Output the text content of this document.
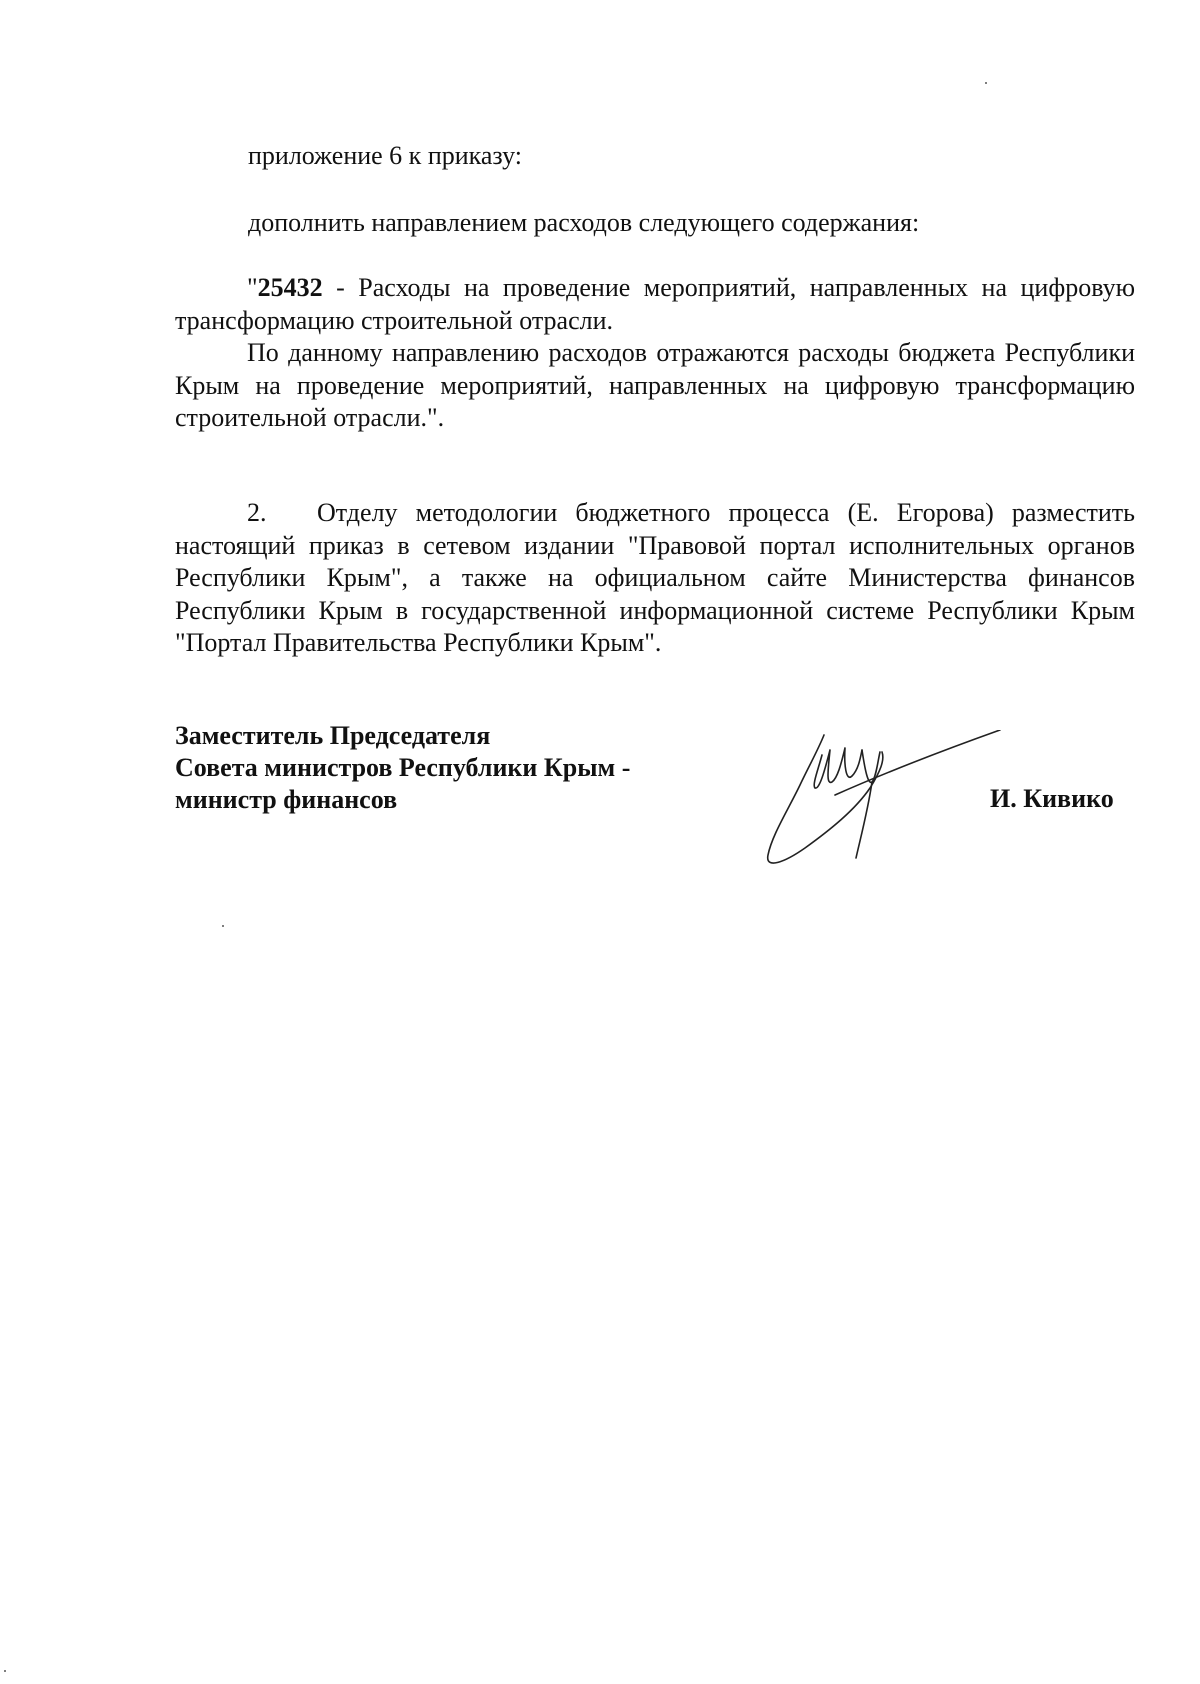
приложение 6 к приказу:
дополнить направлением расходов следующего содержания:
"25432 - Расходы на проведение мероприятий, направленных на цифровую трансформацию строительной отрасли.
По данному направлению расходов отражаются расходы бюджета Республики Крым на проведение мероприятий, направленных на цифровую трансформацию строительной отрасли.".
2. Отделу методологии бюджетного процесса (Е. Егорова) разместить настоящий приказ в сетевом издании "Правовой портал исполнительных органов Республики Крым", а также на официальном сайте Министерства финансов Республики Крым в государственной информационной системе Республики Крым "Портал Правительства Республики Крым".
Заместитель Председателя
Совета министров Республики Крым -
министр финансов	И. Кивико
